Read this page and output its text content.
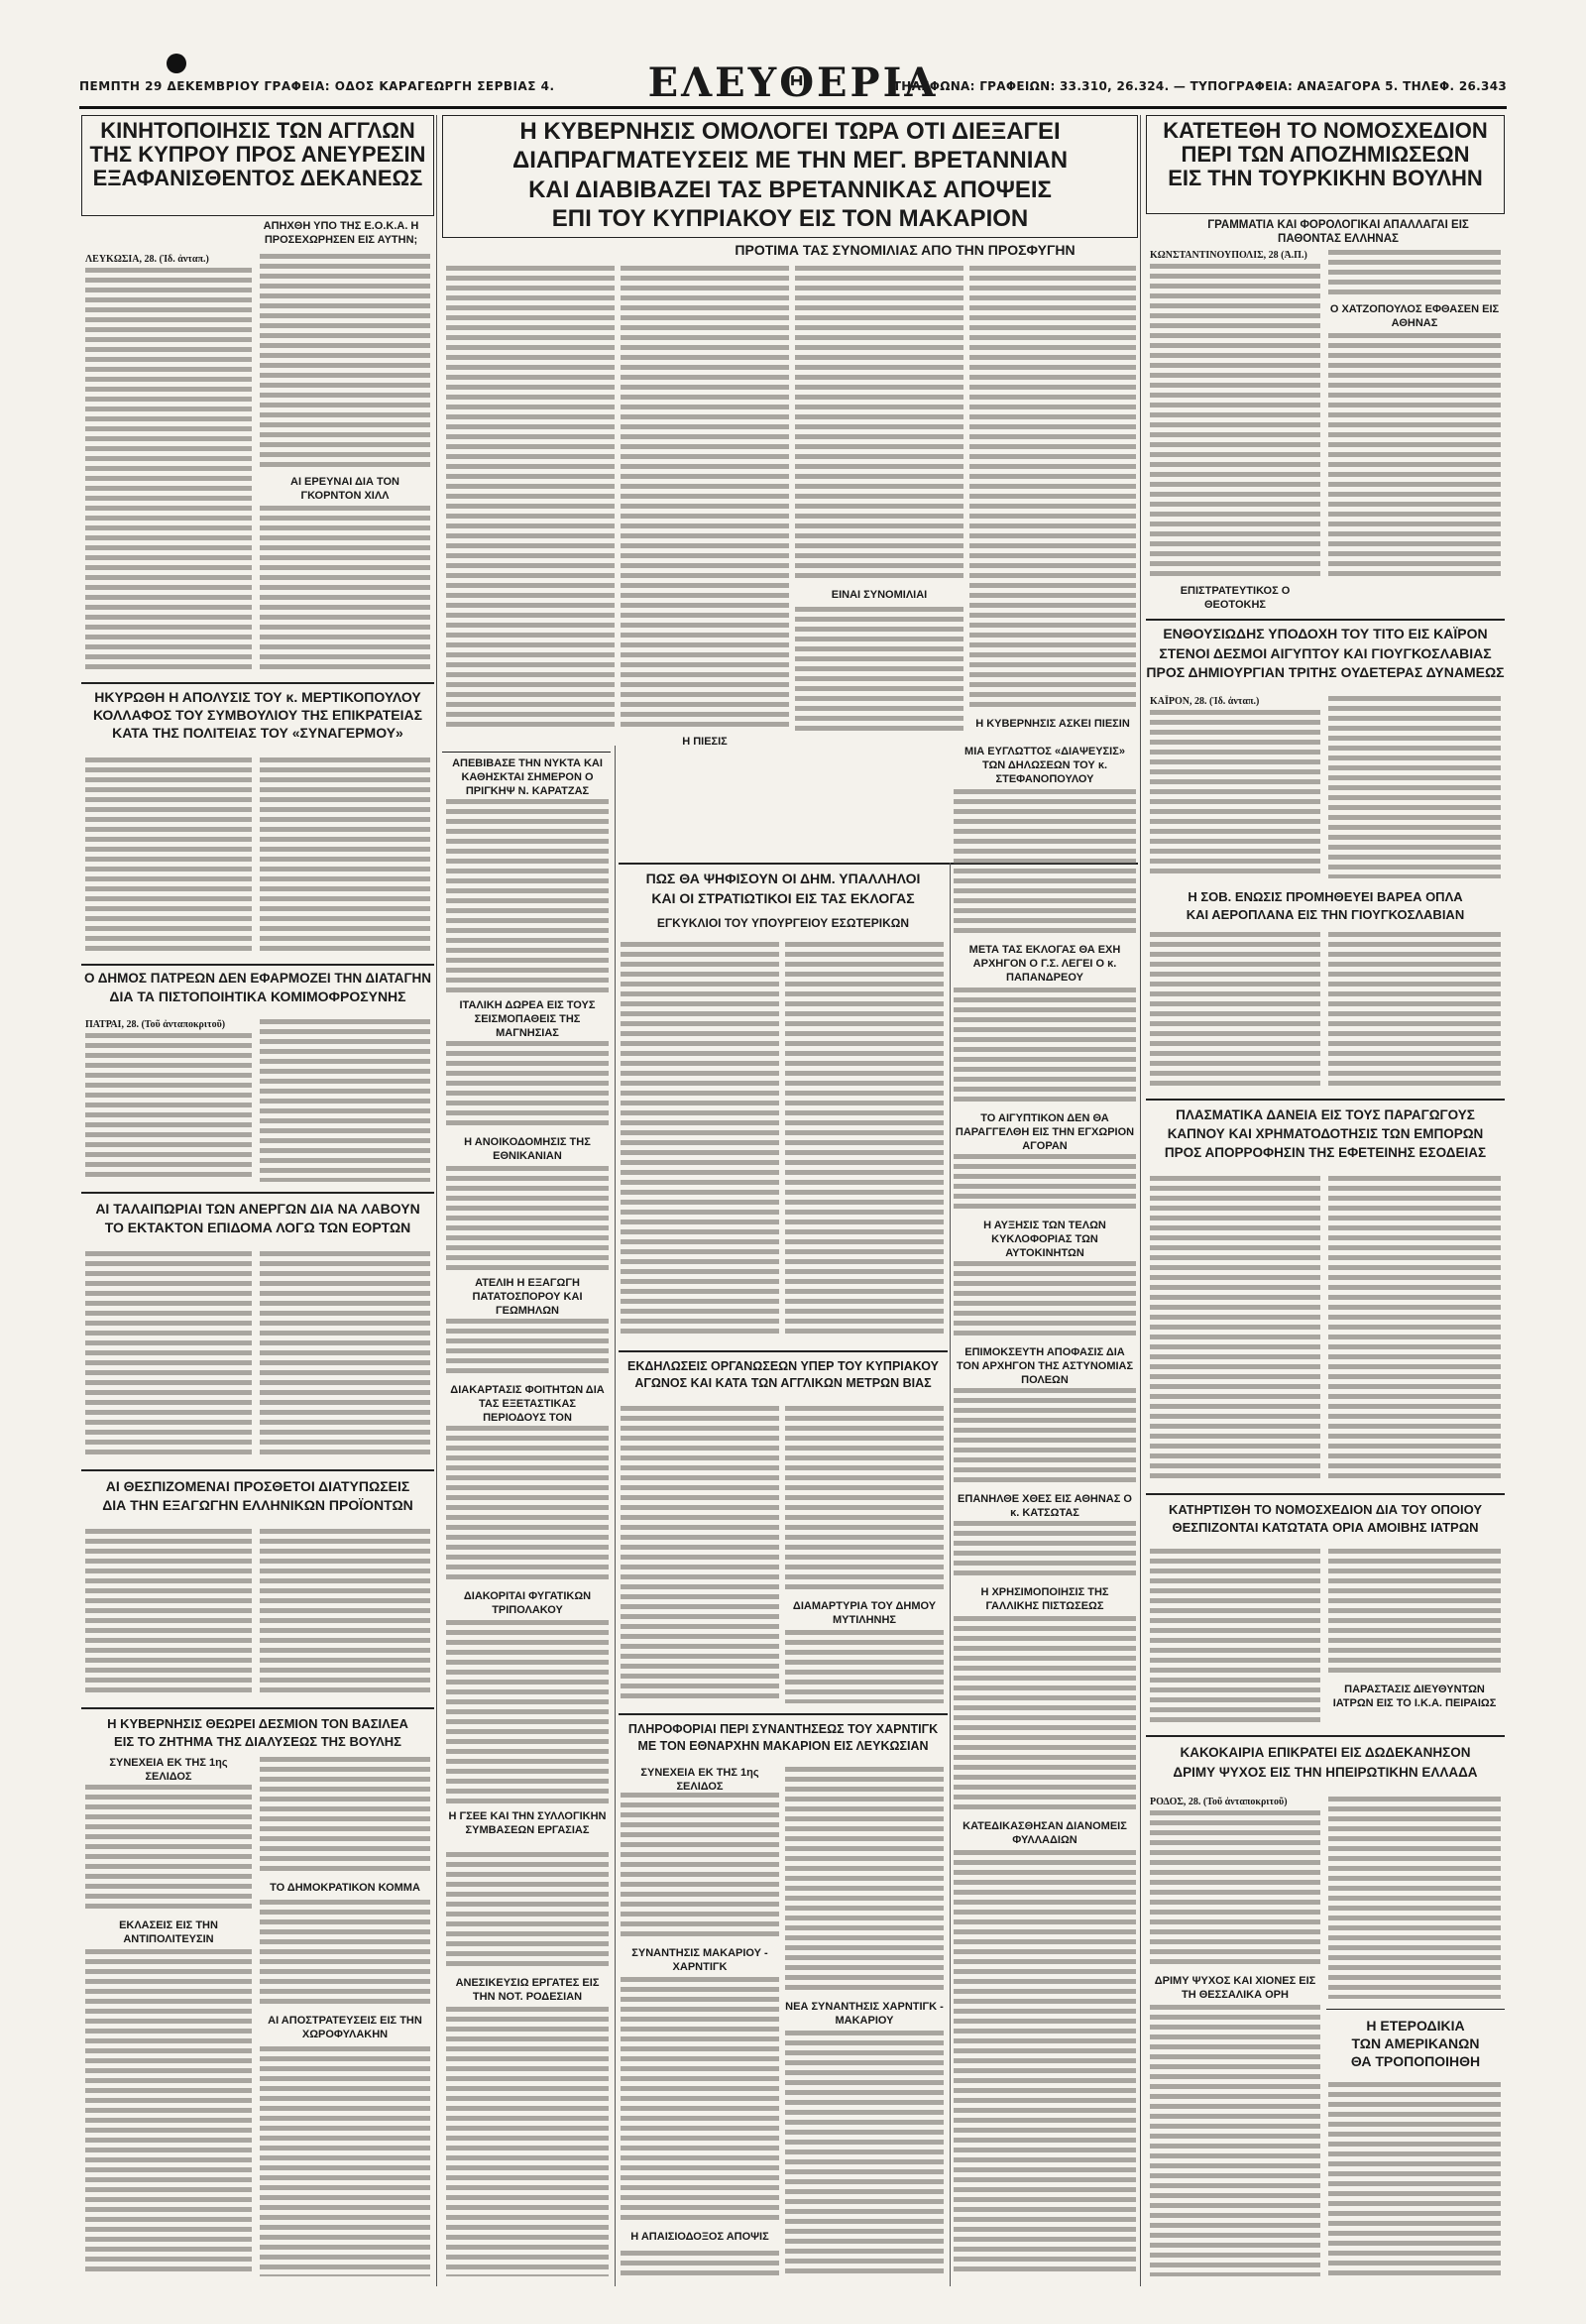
ΠΕΜΠΤΗ 29 ΔΕΚΕΜΒΡΙΟΥ ΓΡΑΦΕΙΑ: ΟΔΟΣ ΚΑΡΑΓΕΩΡΓΗ ΣΕΡΒΙΑΣ 4.	ΕΛΕΥΘΕΡΙΑ
ΤΗΛΕΦΩΝΑ: ΓΡΑΦΕΙΩΝ: 33.310, 26.324. — ΤΥΠΟΓΡΑΦΕΙΑ: ΑΝΑΞΑΓΟΡΑ 5. ΤΗΛΕΦ. 26.343
ΚΙΝΗΤΟΠΟΙΗΣΙΣ ΤΩΝ ΑΓΓΛΩΝ
ΤΗΣ ΚΥΠΡΟΥ ΠΡΟΣ ΑΝΕΥΡΕΣΙΝ
ΕΞΑΦΑΝΙΣΘΕΝΤΟΣ ΔΕΚΑΝΕΩΣ
ΑΠΗΧΘΗ ΥΠΟ ΤΗΣ Ε.Ο.Κ.Α. Η ΠΡΟΣΕΧΩΡΗΣΕΝ ΕΙΣ ΑΥΤΗΝ;
ΛΕΥΚΩΣΙΑ, 28. (Ἰδ. ἀνταπ.)
ΑΙ ΕΡΕΥΝΑΙ ΔΙΑ ΤΟΝ ΓΚΟΡΝΤΟΝ ΧΙΛΛ
ΗΚΥΡΩΘΗ Η ΑΠΟΛΥΣΙΣ ΤΟΥ κ. ΜΕΡΤΙΚΟΠΟΥΛΟΥ
ΚΟΛΛΑΦΟΣ ΤΟΥ ΣΥΜΒΟΥΛΙΟΥ ΤΗΣ ΕΠΙΚΡΑΤΕΙΑΣ
ΚΑΤΑ ΤΗΣ ΠΟΛΙΤΕΙΑΣ ΤΟΥ «ΣΥΝΑΓΕΡΜΟΥ»
Ο ΔΗΜΟΣ ΠΑΤΡΕΩΝ ΔΕΝ ΕΦΑΡΜΟΖΕΙ ΤΗΝ ΔΙΑΤΑΓΗΝ
ΔΙΑ ΤΑ ΠΙΣΤΟΠΟΙΗΤΙΚΑ ΚΟΜΙΜΟΦΡΟΣΥΝΗΣ
ΠΑΤΡΑΙ, 28. (Τοῦ ἀνταποκριτοῦ)
ΑΙ ΤΑΛΑΙΠΩΡΙΑΙ ΤΩΝ ΑΝΕΡΓΩΝ ΔΙΑ ΝΑ ΛΑΒΟΥΝ
ΤΟ ΕΚΤΑΚΤΟΝ ΕΠΙΔΟΜΑ ΛΟΓΩ ΤΩΝ ΕΟΡΤΩΝ
ΑΙ ΘΕΣΠΙΖΟΜΕΝΑΙ ΠΡΟΣΘΕΤΟΙ ΔΙΑΤΥΠΩΣΕΙΣ
ΔΙΑ ΤΗΝ ΕΞΑΓΩΓΗΝ ΕΛΛΗΝΙΚΩΝ ΠΡΟΪΟΝΤΩΝ
Η ΚΥΒΕΡΝΗΣΙΣ ΘΕΩΡΕΙ ΔΕΣΜΙΟΝ ΤΟΝ ΒΑΣΙΛΕΑ
ΕΙΣ ΤΟ ΖΗΤΗΜΑ ΤΗΣ ΔΙΑΛΥΣΕΩΣ ΤΗΣ ΒΟΥΛΗΣ
ΣΥΝΕΧΕΙΑ ΕΚ ΤΗΣ 1ης ΣΕΛΙΔΟΣ
ΕΚΛΑΣΕΙΣ ΕΙΣ ΤΗΝ ΑΝΤΙΠΟΛΙΤΕΥΣΙΝ
ΤΟ ΔΗΜΟΚΡΑΤΙΚΟΝ ΚΟΜΜΑ
ΑΙ ΑΠΟΣΤΡΑΤΕΥΣΕΙΣ ΕΙΣ ΤΗΝ ΧΩΡΟΦΥΛΑΚΗΝ
Η ΚΥΒΕΡΝΗΣΙΣ ΟΜΟΛΟΓΕΙ ΤΩΡΑ ΟΤΙ ΔΙΕΞΑΓΕΙ
ΔΙΑΠΡΑΓΜΑΤΕΥΣΕΙΣ ΜΕ ΤΗΝ ΜΕΓ. ΒΡΕΤΑΝΝΙΑΝ
ΚΑΙ ΔΙΑΒΙΒΑΖΕΙ ΤΑΣ ΒΡΕΤΑΝΝΙΚΑΣ ΑΠΟΨΕΙΣ
ΕΠΙ ΤΟΥ ΚΥΠΡΙΑΚΟΥ ΕΙΣ ΤΟΝ ΜΑΚΑΡΙΟΝ
ΠΡΟΤΙΜΑ ΤΑΣ ΣΥΝΟΜΙΛΙΑΣ ΑΠΟ ΤΗΝ ΠΡΟΣΦΥΓΗΝ
ΕΙΝΑΙ ΣΥΝΟΜΙΛΙΑΙ
Η ΚΥΒΕΡΝΗΣΙΣ ΑΣΚΕΙ ΠΙΕΣΙΝ
Η ΠΙΕΣΙΣ
ΑΠΕΒΙΒΑΣΕ ΤΗΝ ΝΥΚΤΑ ΚΑΙ ΚΑΘΗΣΚΤΑΙ ΣΗΜΕΡΟΝ Ο ΠΡΙΓΚΗΨ Ν. ΚΑΡΑΤΖΑΣ
ΙΤΑΛΙΚΗ ΔΩΡΕΑ ΕΙΣ ΤΟΥΣ ΣΕΙΣΜΟΠΑΘΕΙΣ ΤΗΣ ΜΑΓΝΗΣΙΑΣ
Η ΑΝΟΙΚΟΔΟΜΗΣΙΣ ΤΗΣ ΕΘΝΙΚΑΝΙΑΝ
ΑΤΕΛΙΗ Η ΕΞΑΓΩΓΗ ΠΑΤΑΤΟΣΠΟΡΟΥ ΚΑΙ ΓΕΩΜΗΛΩΝ
ΔΙΑΚΑΡΤΑΣΙΣ ΦΟΙΤΗΤΩΝ ΔΙΑ ΤΑΣ ΕΞΕΤΑΣΤΙΚΑΣ ΠΕΡΙΟΔΟΥΣ ΤΟΝ
ΔΙΑΚΟΡΙΤΑΙ ΦΥΓΑΤΙΚΩΝ ΤΡΙΠΟΛΑΚΟΥ
Η ΓΣΕΕ ΚΑΙ ΤΗΝ ΣΥΛΛΟΓΙΚΗΝ ΣΥΜΒΑΣΕΩΝ ΕΡΓΑΣΙΑΣ
ΑΝΕΣΙΚΕΥΣΙΩ ΕΡΓΑΤΕΣ ΕΙΣ ΤΗΝ ΝΟΤ. ΡΟΔΕΣΙΑΝ
ΠΩΣ ΘΑ ΨΗΦΙΣΟΥΝ ΟΙ ΔΗΜ. ΥΠΑΛΛΗΛΟΙ
ΚΑΙ ΟΙ ΣΤΡΑΤΙΩΤΙΚΟΙ ΕΙΣ ΤΑΣ ΕΚΛΟΓΑΣ
ΕΓΚΥΚΛΙΟΙ ΤΟΥ ΥΠΟΥΡΓΕΙΟΥ ΕΣΩΤΕΡΙΚΩΝ
ΕΚΔΗΛΩΣΕΙΣ ΟΡΓΑΝΩΣΕΩΝ ΥΠΕΡ ΤΟΥ ΚΥΠΡΙΑΚΟΥ
ΑΓΩΝΟΣ ΚΑΙ ΚΑΤΑ ΤΩΝ ΑΓΓΛΙΚΩΝ ΜΕΤΡΩΝ ΒΙΑΣ
ΔΙΑΜΑΡΤΥΡΙΑ ΤΟΥ ΔΗΜΟΥ ΜΥΤΙΛΗΝΗΣ
ΠΛΗΡΟΦΟΡΙΑΙ ΠΕΡΙ ΣΥΝΑΝΤΗΣΕΩΣ ΤΟΥ ΧΑΡΝΤΙΓΚ
ΜΕ ΤΟΝ ΕΘΝΑΡΧΗΝ ΜΑΚΑΡΙΟΝ ΕΙΣ ΛΕΥΚΩΣΙΑΝ
ΣΥΝΕΧΕΙΑ ΕΚ ΤΗΣ 1ης ΣΕΛΙΔΟΣ
ΣΥΝΑΝΤΗΣΙΣ ΜΑΚΑΡΙΟΥ - ΧΑΡΝΤΙΓΚ
Η ΑΠΑΙΣΙΟΔΟΞΟΣ ΑΠΟΨΙΣ
ΝΕΑ ΣΥΝΑΝΤΗΣΙΣ ΧΑΡΝΤΙΓΚ - ΜΑΚΑΡΙΟΥ
ΜΙΑ ΕΥΓΛΩΤΤΟΣ «ΔΙΑΨΕΥΣΙΣ» ΤΩΝ ΔΗΛΩΣΕΩΝ ΤΟΥ κ. ΣΤΕΦΑΝΟΠΟΥΛΟΥ
ΜΕΤΑ ΤΑΣ ΕΚΛΟΓΑΣ ΘΑ ΕΧΗ ΑΡΧΗΓΟΝ Ο Γ.Σ. ΛΕΓΕΙ Ο κ. ΠΑΠΑΝΔΡΕΟΥ
ΤΟ ΑΙΓΥΠΤΙΚΟΝ ΔΕΝ ΘΑ ΠΑΡΑΓΓΕΛΘΗ ΕΙΣ ΤΗΝ ΕΓΧΩΡΙΟΝ ΑΓΟΡΑΝ
Η ΑΥΞΗΣΙΣ ΤΩΝ ΤΕΛΩΝ ΚΥΚΛΟΦΟΡΙΑΣ ΤΩΝ ΑΥΤΟΚΙΝΗΤΩΝ
ΕΠΙΜΟΚΣΕΥΤΗ ΑΠΟΦΑΣΙΣ ΔΙΑ ΤΟΝ ΑΡΧΗΓΟΝ ΤΗΣ ΑΣΤΥΝΟΜΙΑΣ ΠΟΛΕΩΝ
ΕΠΑΝΗΛΘΕ ΧΘΕΣ ΕΙΣ ΑΘΗΝΑΣ Ο κ. ΚΑΤΣΩΤΑΣ
Η ΧΡΗΣΙΜΟΠΟΙΗΣΙΣ ΤΗΣ ΓΑΛΛΙΚΗΣ ΠΙΣΤΩΣΕΩΣ
ΚΑΤΕΔΙΚΑΣΘΗΣΑΝ ΔΙΑΝΟΜΕΙΣ ΦΥΛΛΑΔΙΩΝ
ΚΑΤΕΤΕΘΗ ΤΟ ΝΟΜΟΣΧΕΔΙΟΝ
ΠΕΡΙ ΤΩΝ ΑΠΟΖΗΜΙΩΣΕΩΝ
ΕΙΣ ΤΗΝ ΤΟΥΡΚΙΚΗΝ ΒΟΥΛΗΝ
ΓΡΑΜΜΑΤΙΑ ΚΑΙ ΦΟΡΟΛΟΓΙΚΑΙ ΑΠΑΛΛΑΓΑΙ ΕΙΣ ΠΑΘΟΝΤΑΣ ΕΛΛΗΝΑΣ
ΚΩΝΣΤΑΝΤΙΝΟΥΠΟΛΙΣ, 28 (Ἀ.Π.)
Ο ΧΑΤΖΟΠΟΥΛΟΣ ΕΦΘΑΣΕΝ ΕΙΣ ΑΘΗΝΑΣ
ΕΠΙΣΤΡΑΤΕΥΤΙΚΟΣ Ο ΘΕΟΤΟΚΗΣ
ΕΝΘΟΥΣΙΩΔΗΣ ΥΠΟΔΟΧΗ ΤΟΥ ΤΙΤΟ ΕΙΣ ΚΑΪΡΟΝ
ΣΤΕΝΟΙ ΔΕΣΜΟΙ ΑΙΓΥΠΤΟΥ ΚΑΙ ΓΙΟΥΓΚΟΣΛΑΒΙΑΣ
ΠΡΟΣ ΔΗΜΙΟΥΡΓΙΑΝ ΤΡΙΤΗΣ ΟΥΔΕΤΕΡΑΣ ΔΥΝΑΜΕΩΣ
ΚΑΪΡΟΝ, 28. (Ἰδ. ἀνταπ.)
Η ΣΟΒ. ΕΝΩΣΙΣ ΠΡΟΜΗΘΕΥΕΙ ΒΑΡΕΑ ΟΠΛΑ
ΚΑΙ ΑΕΡΟΠΛΑΝΑ ΕΙΣ ΤΗΝ ΓΙΟΥΓΚΟΣΛΑΒΙΑΝ
ΠΛΑΣΜΑΤΙΚΑ ΔΑΝΕΙΑ ΕΙΣ ΤΟΥΣ ΠΑΡΑΓΩΓΟΥΣ
ΚΑΠΝΟΥ ΚΑΙ ΧΡΗΜΑΤΟΔΟΤΗΣΙΣ ΤΩΝ ΕΜΠΟΡΩΝ
ΠΡΟΣ ΑΠΟΡΡΟΦΗΣΙΝ ΤΗΣ ΕΦΕΤΕΙΝΗΣ ΕΣΟΔΕΙΑΣ
ΚΑΤΗΡΤΙΣΘΗ ΤΟ ΝΟΜΟΣΧΕΔΙΟΝ ΔΙΑ ΤΟΥ ΟΠΟΙΟΥ
ΘΕΣΠΙΖΟΝΤΑΙ ΚΑΤΩΤΑΤΑ ΟΡΙΑ ΑΜΟΙΒΗΣ ΙΑΤΡΩΝ
ΠΑΡΑΣΤΑΣΙΣ ΔΙΕΥΘΥΝΤΩΝ ΙΑΤΡΩΝ ΕΙΣ ΤΟ Ι.Κ.Α. ΠΕΙΡΑΙΩΣ
ΚΑΚΟΚΑΙΡΙΑ ΕΠΙΚΡΑΤΕΙ ΕΙΣ ΔΩΔΕΚΑΝΗΣΟΝ
ΔΡΙΜΥ ΨΥΧΟΣ ΕΙΣ ΤΗΝ ΗΠΕΙΡΩΤΙΚΗΝ ΕΛΛΑΔΑ
ΡΟΔΟΣ, 28. (Τοῦ ἀνταποκριτοῦ)
ΔΡΙΜΥ ΨΥΧΟΣ ΚΑΙ ΧΙΟΝΕΣ ΕΙΣ ΤΗ ΘΕΣΣΑΛΙΚΑ ΟΡΗ
Η ΕΤΕΡΟΔΙΚΙΑ
ΤΩΝ ΑΜΕΡΙΚΑΝΩΝ
ΘΑ ΤΡΟΠΟΠΟΙΗΘΗ
